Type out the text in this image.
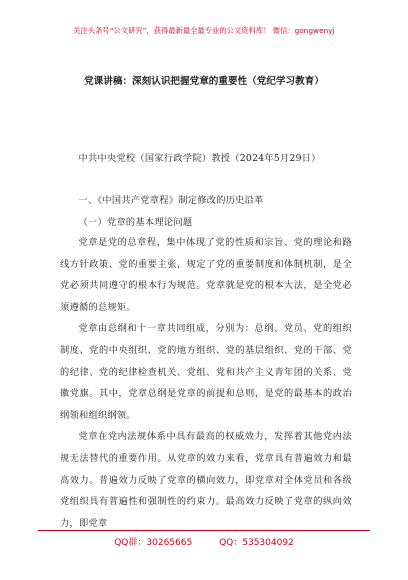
关注头条号“公文研究”，获得最新最全最专业的公文资料库！ 微信：gongwenyj
党课讲稿：深刻认识把握党章的重要性（党纪学习教育）

中共中央党校（国家行政学院）教授（2024年5月29日）

一、《中国共产党章程》制定修改的历史沿革

（一）党章的基本理论问题

党章是党的总章程，集中体现了党的性质和宗旨、党的理论和路线方针政策、党的重要主张，规定了党的重要制度和体制机制，是全党必须共同遵守的根本行为规范。党章就是党的根本大法，是全党必须遵循的总规矩。

党章由总纲和十一章共同组成，分别为：总纲、党员、党的组织制度、党的中央组织、党的地方组织、党的基层组织、党的干部、党的纪律、党的纪律检查机关、党组、党和共产主义青年团的关系、党徽党旗。其中，党章总纲是党章的前提和总则，是党的最基本的政治纲领和组织纲领。

党章在党内法规体系中具有最高的权威效力，发挥着其他党内法规无法替代的重要作用。从党章的效力来看，党章具有普遍效力和最高效力。普遍效力反映了党章的横向效力，即党章对全体党员和各级党组织具有普遍性和强制性的约束力。最高效力反映了党章的纵向效力，即党章

QQ群：30265665	QQ：535304092
